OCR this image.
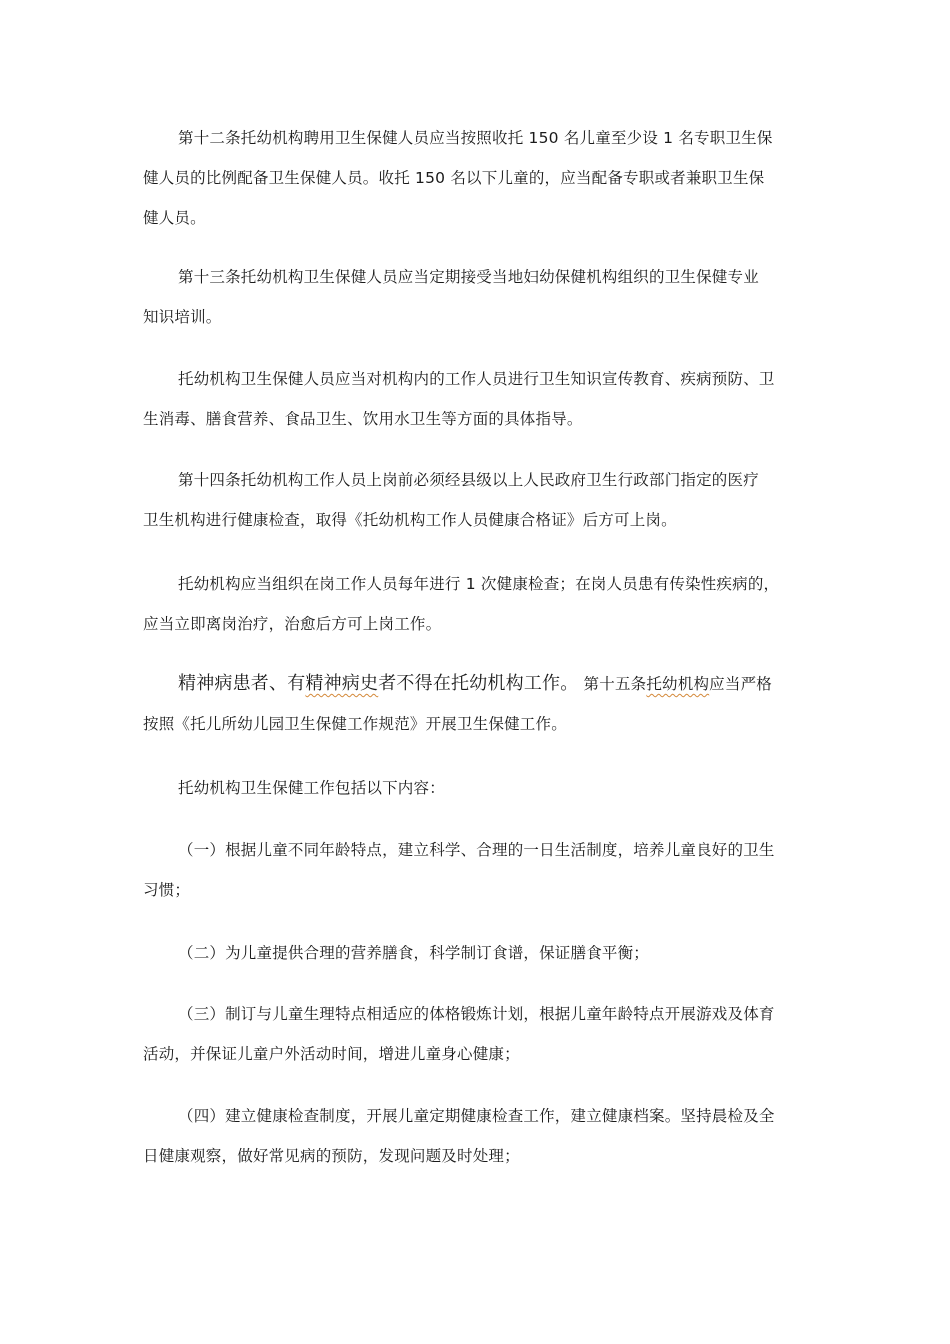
第十二条托幼机构聘用卫生保健人员应当按照收托 150 名儿童至少设 1 名专职卫生保
健人员的比例配备卫生保健人员。收托 150 名以下儿童的，应当配备专职或者兼职卫生保
健人员。
第十三条托幼机构卫生保健人员应当定期接受当地妇幼保健机构组织的卫生保健专业
知识培训。
托幼机构卫生保健人员应当对机构内的工作人员进行卫生知识宣传教育、疾病预防、卫
生消毒、膳食营养、食品卫生、饮用水卫生等方面的具体指导。
第十四条托幼机构工作人员上岗前必须经县级以上人民政府卫生行政部门指定的医疗
卫生机构进行健康检查，取得《托幼机构工作人员健康合格证》后方可上岗。
托幼机构应当组织在岗工作人员每年进行 1 次健康检查；在岗人员患有传染性疾病的，
应当立即离岗治疗，治愈后方可上岗工作。
精神病患者、有精神病史者不得在托幼机构工作。 第十五条托幼机构应当严格
按照《托儿所幼儿园卫生保健工作规范》开展卫生保健工作。
托幼机构卫生保健工作包括以下内容：
（一）根据儿童不同年龄特点，建立科学、合理的一日生活制度，培养儿童良好的卫生
习惯；
（二）为儿童提供合理的营养膳食，科学制订食谱，保证膳食平衡；
（三）制订与儿童生理特点相适应的体格锻炼计划，根据儿童年龄特点开展游戏及体育
活动，并保证儿童户外活动时间，增进儿童身心健康；
（四）建立健康检查制度，开展儿童定期健康检查工作，建立健康档案。坚持晨检及全
日健康观察，做好常见病的预防，发现问题及时处理；
